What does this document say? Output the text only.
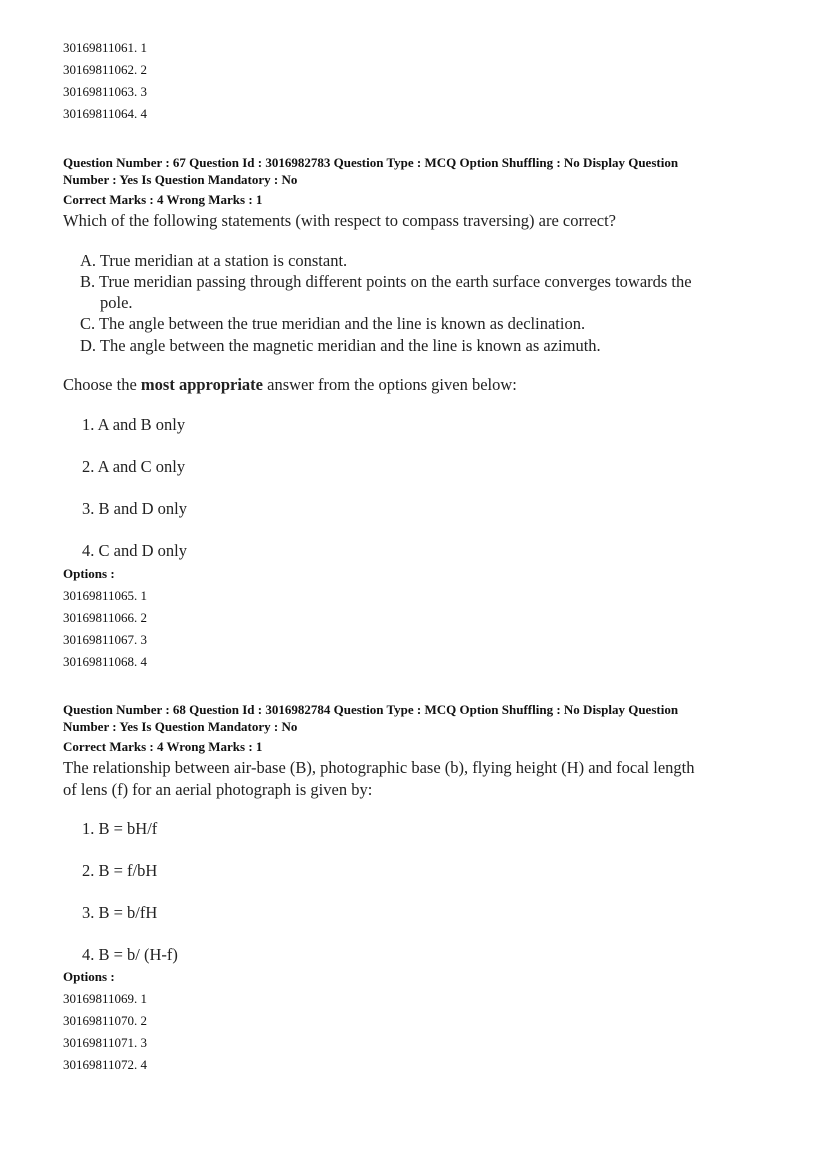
30169811061. 1
30169811062. 2
30169811063. 3
30169811064. 4
Question Number : 67 Question Id : 3016982783 Question Type : MCQ Option Shuffling : No Display Question
Number : Yes Is Question Mandatory : No
Correct Marks : 4 Wrong Marks : 1
Which of the following statements (with respect to compass traversing) are correct?
A. True meridian at a station is constant.
B. True meridian passing through different points on the earth surface converges towards the
pole.
C. The angle between the true meridian and the line is known as declination.
D. The angle between the magnetic meridian and the line is known as azimuth.
Choose the most appropriate answer from the options given below:
1. A and B only
2. A and C only
3. B and D only
4. C and D only
Options :
30169811065. 1
30169811066. 2
30169811067. 3
30169811068. 4
Question Number : 68 Question Id : 3016982784 Question Type : MCQ Option Shuffling : No Display Question
Number : Yes Is Question Mandatory : No
Correct Marks : 4 Wrong Marks : 1
The relationship between air-base (B), photographic base (b), flying height (H) and focal length
of lens (f) for an aerial photograph is given by:
1. B = bH/f
2. B = f/bH
3. B = b/fH
4. B = b/ (H-f)
Options :
30169811069. 1
30169811070. 2
30169811071. 3
30169811072. 4
